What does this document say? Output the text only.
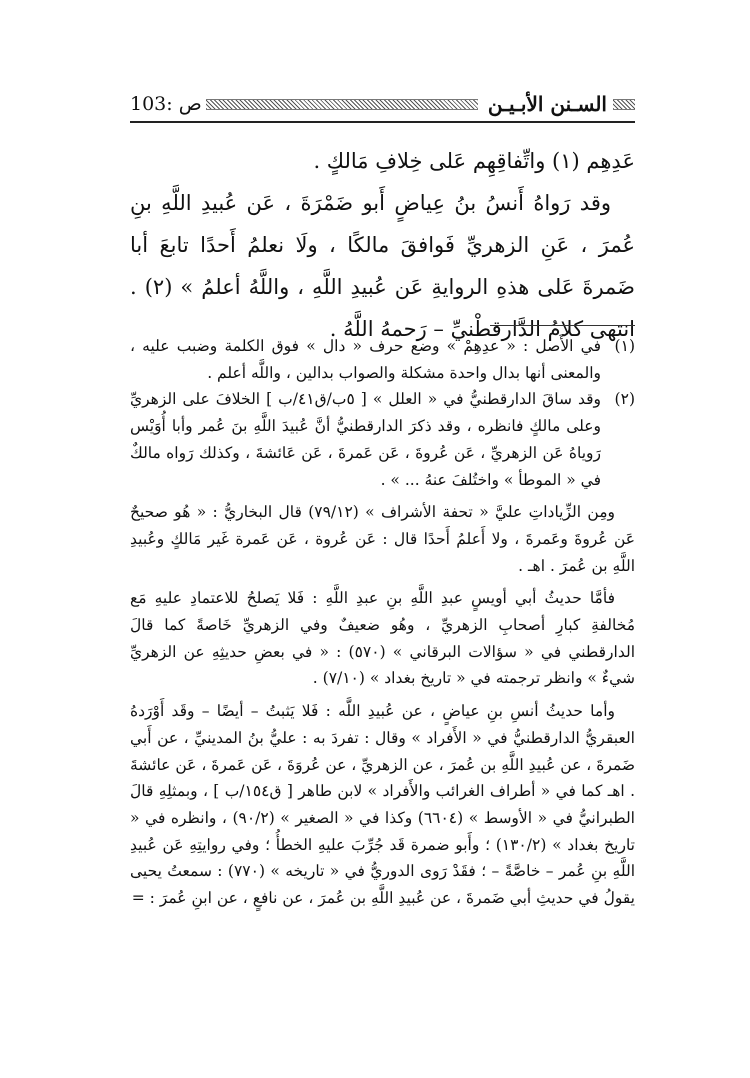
السـنن الأبـيـن
ص :103

عَدِهِم (١) واتِّفاقِهِم عَلى خِلافِ مَالكٍ .

وقد رَواهُ أَنسُ بنُ عِياضٍ أَبو ضَمْرَةَ ، عَن عُبيدِ اللَّهِ بنِ عُمرَ ، عَنِ الزهريِّ فَوافقَ مالكًا ، ولَا نعلمُ أَحدًا تابعَ أبا ضَمرةَ عَلى هذهِ الروايةِ عَن عُبيدِ اللَّهِ ، واللَّهُ أعلمُ » (٢) . انتهى كلامُ الدَّارقطْنيِّ – رَحمهُ اللَّهُ .

(١)
في الأَصل : « عدِهِمْ » وضع حرف « دال » فوق الكلمة وضبب عليه ، والمعنى أنها بدال واحدة مشكلة والصواب بدالين ، واللَّه أعلم .

(٢)
وقد ساقَ الدارقطنيُّ في « العلل » [ ٥ب/ق٤١/ب ] الخلافَ على الزهريِّ وعلى مالكٍ فانظره ، وقد ذكرَ الدارقطنيُّ أنَّ عُبيدَ اللَّهِ بنَ عُمر وأبا أُوَيْس رَوياهُ عَن الزهريِّ ، عَن عُروةَ ، عَن عَمرةَ ، عَن عَائشةَ ، وكذلك رَواه مالكٌ في « الموطأ » واختُلفَ عنهُ ... » .

ومِن الزِّياداتِ عليَّ « تحفة الأشراف » (٧٩/١٢) قال البخاريُّ : « هُو صحيحٌ عَن عُروةَ وعَمرةَ ، ولا أَعلمُ أَحدًا قال : عَن عُروة ، عَن عَمرة غَير مَالكٍ وعُبيدِ اللَّهِ بن عُمرَ . اهـ .

فأمَّا حديثُ أبي أويسٍ عبدِ اللَّهِ بنِ عبدِ اللَّهِ : فَلا يَصلحُ للاعتمادِ عليهِ مَع مُخالفةِ كبارِ أصحابِ الزهريِّ ، وهُو ضعيفٌ وفي الزهريِّ خَاصةً كما قالَ الدارقطني في « سؤالات البرقاني » (٥٧٠) : « في بعضِ حديثِهِ عن الزهريِّ شيءٌ » وانظر ترجمته في « تاريخ بغداد » (٧/١٠) .

وأما حديثُ أنسِ بنِ عياضٍ ، عن عُبيدِ اللَّه : فَلا يَثبتُ – أيضًا – وقَد أَوْرَدهُ العبقريُّ الدارقطنيُّ في « الأَفراد » وقال : تفردَ به : عليُّ بنُ المدينيِّ ، عن أَبي ضَمرةَ ، عن عُبيدِ اللَّهِ بن عُمرَ ، عن الزهريِّ ، عن عُروَةَ ، عَن عَمرةَ ، عَن عائشةَ . اهـ كما في « أطراف الغرائب والأَفراد » لابن طاهر [ ق١٥٤/ب ] ، وبمثلِهِ قالَ الطبرانيُّ في « الأوسط » (٦٦٠٤) وكذا في « الصغير » (٩٠/٢) ، وانظره في « تاريخ بغداد » (١٣٠/٢) ؛ وأَبو ضمرة قَد جُرِّبَ عليهِ الخطأُ ؛ وفي روايتِهِ عَن عُبيدِ اللَّهِ بنِ عُمر – خاصَّةً – ؛ فقَدْ رَوى الدوريُّ في « تاريخه » (٧٧٠) : سمعتُ يحيى يقولُ في حديثِ أبي ضَمرةَ ، عن عُبيدِ اللَّهِ بن عُمرَ ، عن نافعٍ ، عن ابنِ عُمرَ : =
